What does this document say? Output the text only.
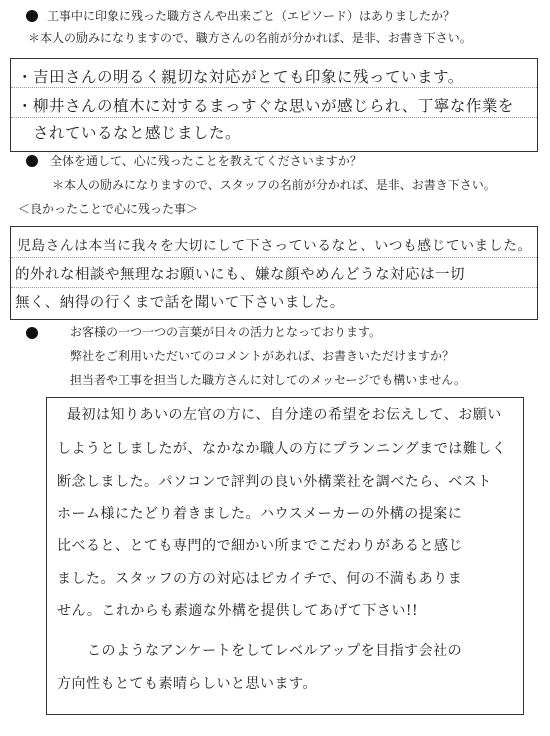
工事中に印象に残った職方さんや出来ごと（エピソード）はありましたか？
＊本人の励みになりますので、職方さんの名前が分かれば、是非、お書き下さい。
・吉田さんの明るく親切な対応がとても印象に残っています。
・柳井さんの植木に対するまっすぐな思いが感じられ、丁寧な作業を
されているなと感じました。
全体を通して、心に残ったことを教えてくださいますか？
＊本人の励みになりますので、スタッフの名前が分かれば、是非、お書き下さい。
＜良かったことで心に残った事＞
児島さんは本当に我々を大切にして下さっているなと、いつも感じていました。
的外れな相談や無理なお願いにも、嫌な顔やめんどうな対応は一切
無く、納得の行くまで話を聞いて下さいました。
お客様の一つ一つの言葉が日々の活力となっております。
弊社をご利用いただいてのコメントがあれば、お書きいただけますか？
担当者や工事を担当した職方さんに対してのメッセージでも構いません。
最初は知りあいの左官の方に、自分達の希望をお伝えして、お願い
しようとしましたが、なかなか職人の方にプランニングまでは難しく
断念しました。パソコンで評判の良い外構業社を調べたら、ベスト
ホーム様にたどり着きました。ハウスメーカーの外構の提案に
比べると、とても専門的で細かい所までこだわりがあると感じ
ました。スタッフの方の対応はピカイチで、何の不満もありま
せん。これからも素適な外構を提供してあげて下さい!!
このようなアンケートをしてレベルアップを目指す会社の
方向性もとても素晴らしいと思います。
